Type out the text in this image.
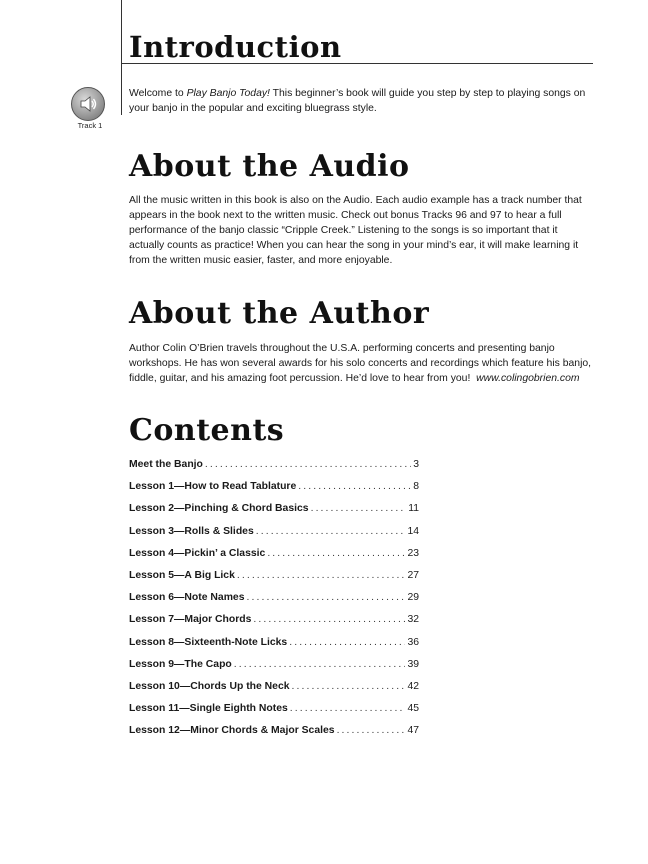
Introduction
Track 1

Welcome to Play Banjo Today! This beginner’s book will guide you step by step to playing songs on your banjo in the popular and exciting bluegrass style.

About the Audio

All the music written in this book is also on the Audio. Each audio example has a track number that appears in the book next to the written music. Check out bonus Tracks 96 and 97 to hear a full performance of the banjo classic “Cripple Creek.” Listening to the songs is so important that it actually counts as practice! When you can hear the song in your mind’s ear, it will make learning it from the written music easier, faster, and more enjoyable.

About the Author

Author Colin O’Brien travels throughout the U.S.A. performing concerts and presenting banjo workshops. He has won several awards for his solo concerts and recordings which feature his banjo, fiddle, guitar, and his amazing foot percussion. He’d love to hear from you! www.colingobrien.com

Contents
Meet the Banjo .....	3
Lesson 1—How to Read Tablature .....	8
Lesson 2—Pinching & Chord Basics .....	11
Lesson 3—Rolls & Slides .....	14
Lesson 4—Pickin’ a Classic .....	23
Lesson 5—A Big Lick .....	27
Lesson 6—Note Names .....	29
Lesson 7—Major Chords .....	32
Lesson 8—Sixteenth-Note Licks .....	36
Lesson 9—The Capo .....	39
Lesson 10—Chords Up the Neck .....	42
Lesson 11—Single Eighth Notes .....	45
Lesson 12—Minor Chords & Major Scales .....	47
